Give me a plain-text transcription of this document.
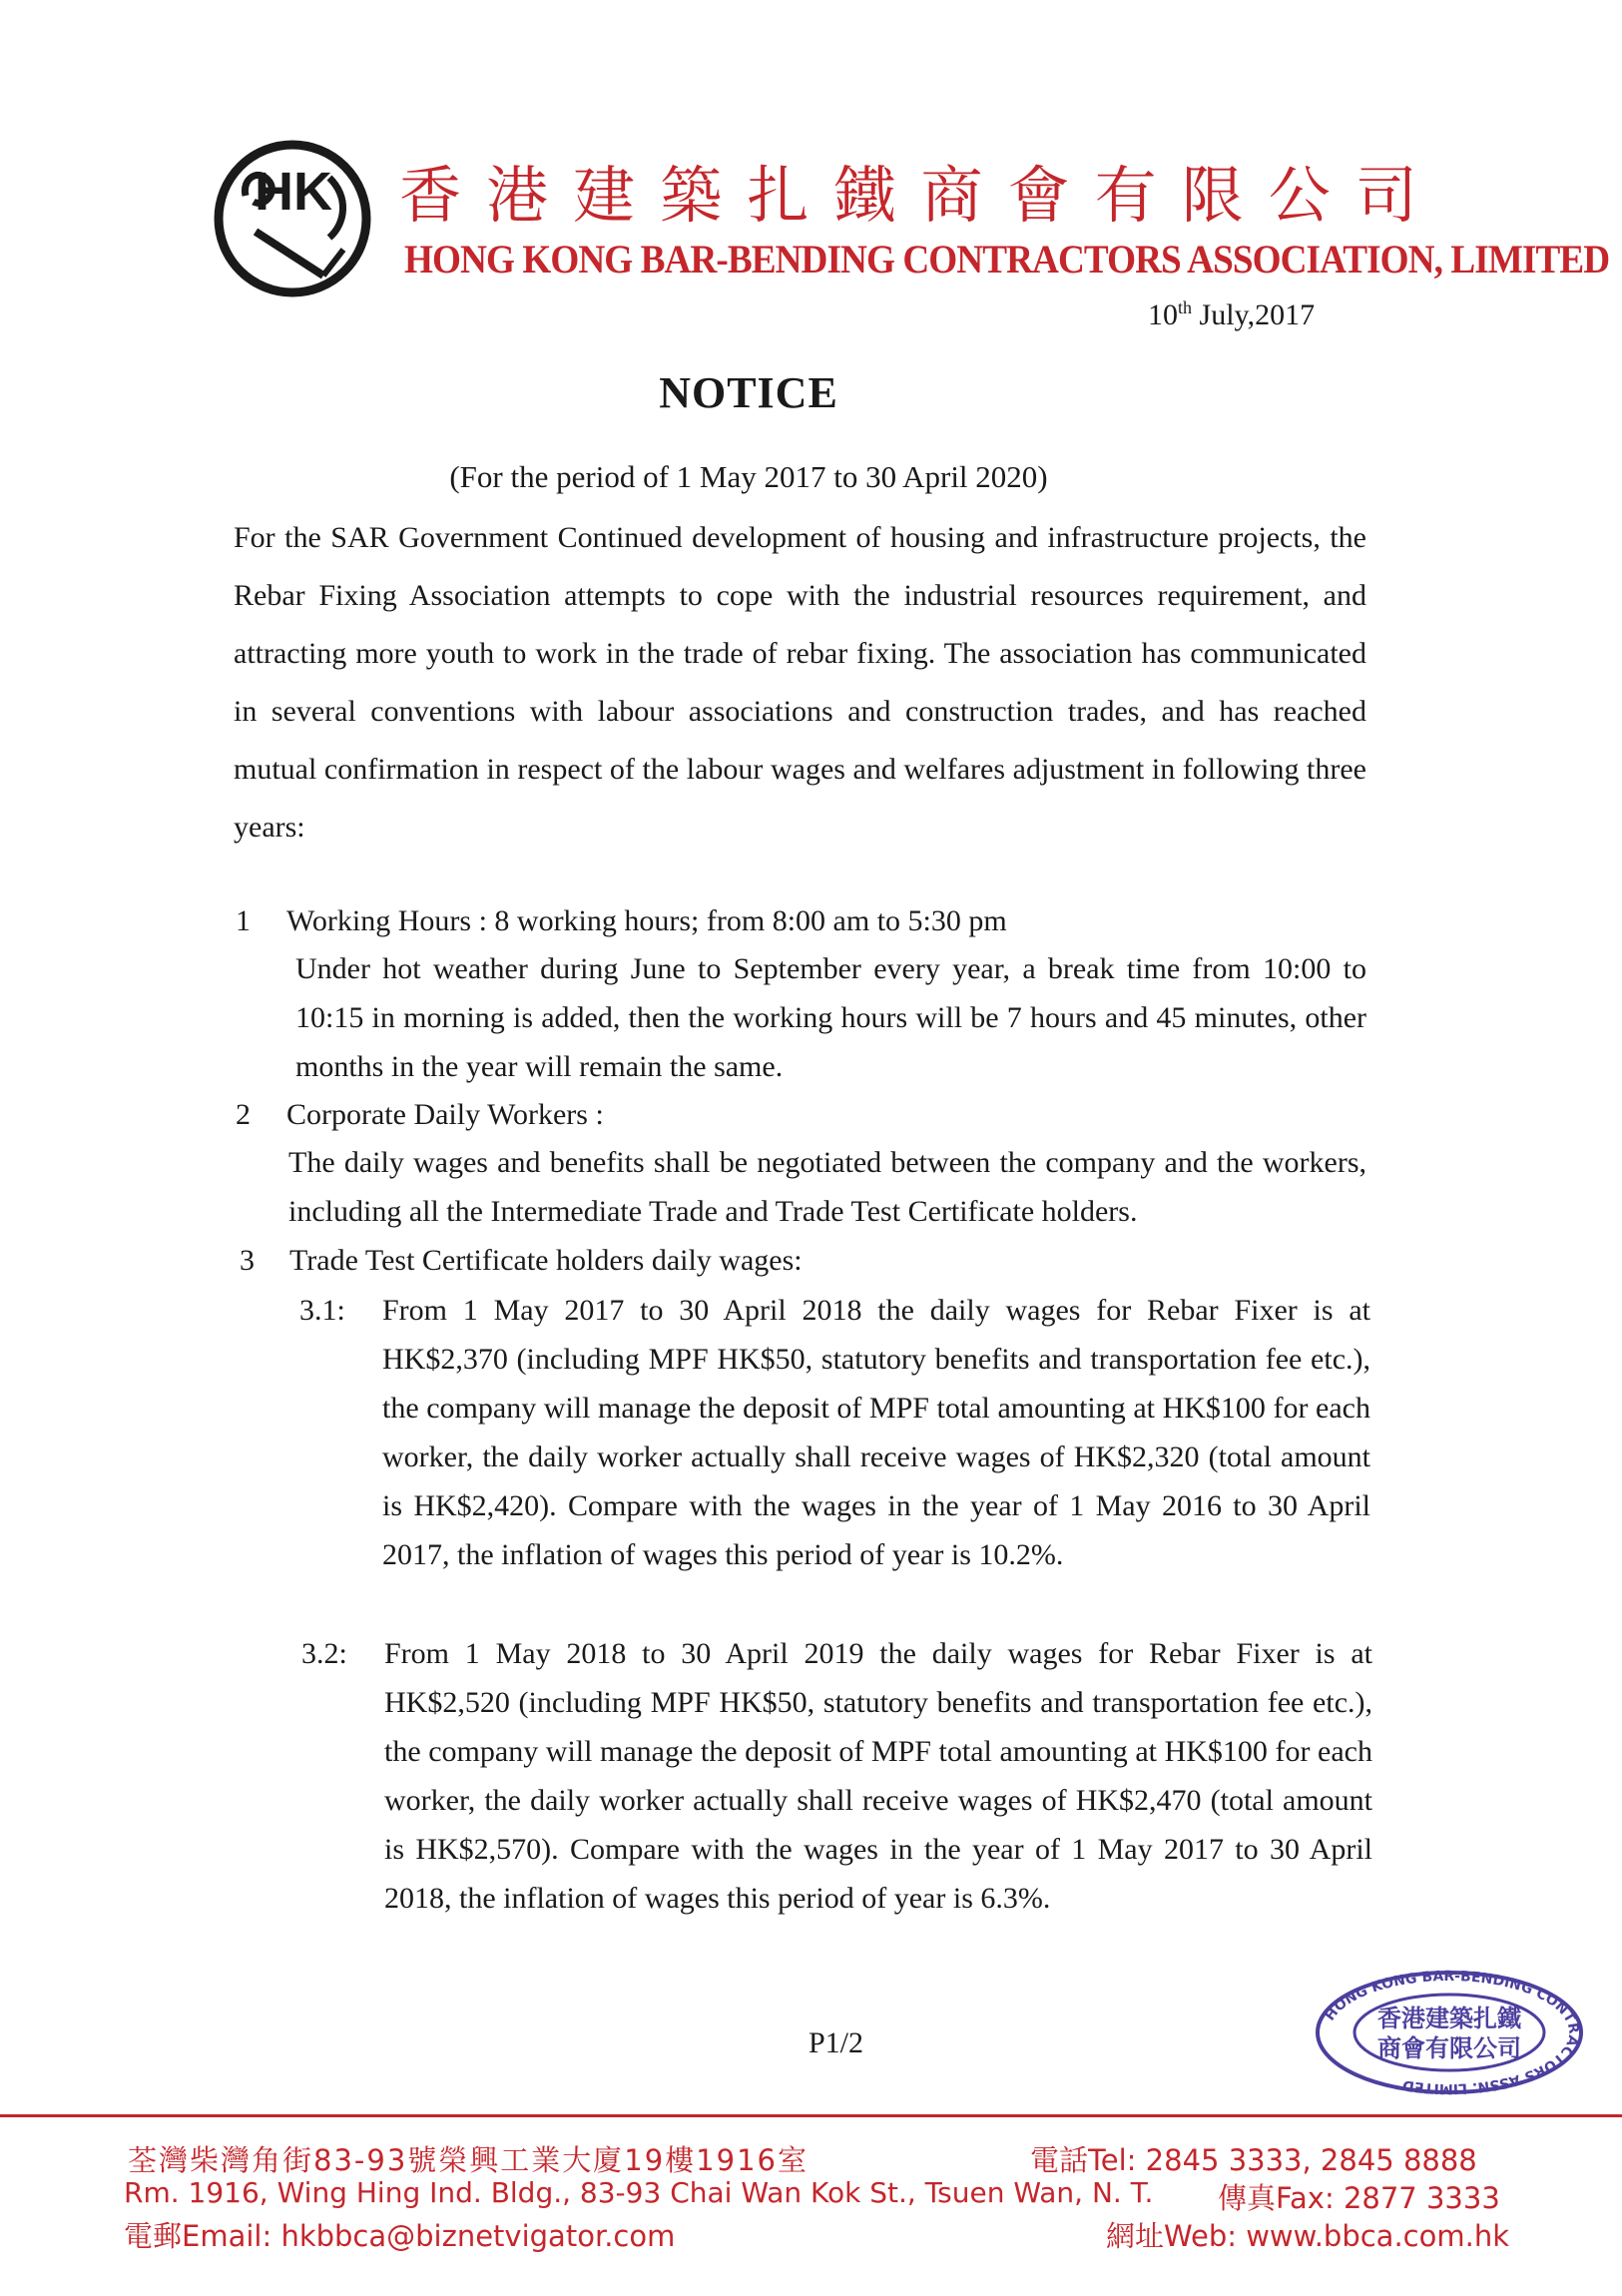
HK 香 港 建 築 扎 鐵 商 會 有 限 公 司
HONG KONG BAR-BENDING CONTRACTORS ASSOCIATION, LIMITED
10th July,2017
NOTICE
(For the period of 1 May 2017 to 30 April 2020)
For the SAR Government Continued development of housing and infrastructure projects, the Rebar Fixing Association attempts to cope with the industrial resources requirement, and attracting more youth to work in the trade of rebar fixing. The association has communicated in several conventions with labour associations and construction trades, and has reached mutual confirmation in respect of the labour wages and welfares adjustment in following three years:
1 Working Hours : 8 working hours; from 8:00 am to 5:30 pm
Under hot weather during June to September every year, a break time from 10:00 to 10:15 in morning is added, then the working hours will be 7 hours and 45 minutes, other months in the year will remain the same.
2 Corporate Daily Workers :
The daily wages and benefits shall be negotiated between the company and the workers, including all the Intermediate Trade and Trade Test Certificate holders.
3 Trade Test Certificate holders daily wages:
3.1: From 1 May 2017 to 30 April 2018 the daily wages for Rebar Fixer is at HK$2,370 (including MPF HK$50, statutory benefits and transportation fee etc.), the company will manage the deposit of MPF total amounting at HK$100 for each worker, the daily worker actually shall receive wages of HK$2,320 (total amount is HK$2,420). Compare with the wages in the year of 1 May 2016 to 30 April 2017, the inflation of wages this period of year is 10.2%.
3.2: From 1 May 2018 to 30 April 2019 the daily wages for Rebar Fixer is at HK$2,520 (including MPF HK$50, statutory benefits and transportation fee etc.), the company will manage the deposit of MPF total amounting at HK$100 for each worker, the daily worker actually shall receive wages of HK$2,470 (total amount is HK$2,570). Compare with the wages in the year of 1 May 2017 to 30 April 2018, the inflation of wages this period of year is 6.3%.
P1/2
HONG KONG BAR-BENDING CONTRACTORS ASSN. LIMITED
香港建築扎鐵
商會有限公司
荃灣柴灣角街83-93號榮興工業大廈19樓1916室	電話Tel: 2845 3333, 2845 8888
Rm. 1916, Wing Hing Ind. Bldg., 83-93 Chai Wan Kok St., Tsuen Wan, N. T. 傳真Fax: 2877 3333
電郵Email: hkbbca@biznetvigator.com	網址Web: www.bbca.com.hk
